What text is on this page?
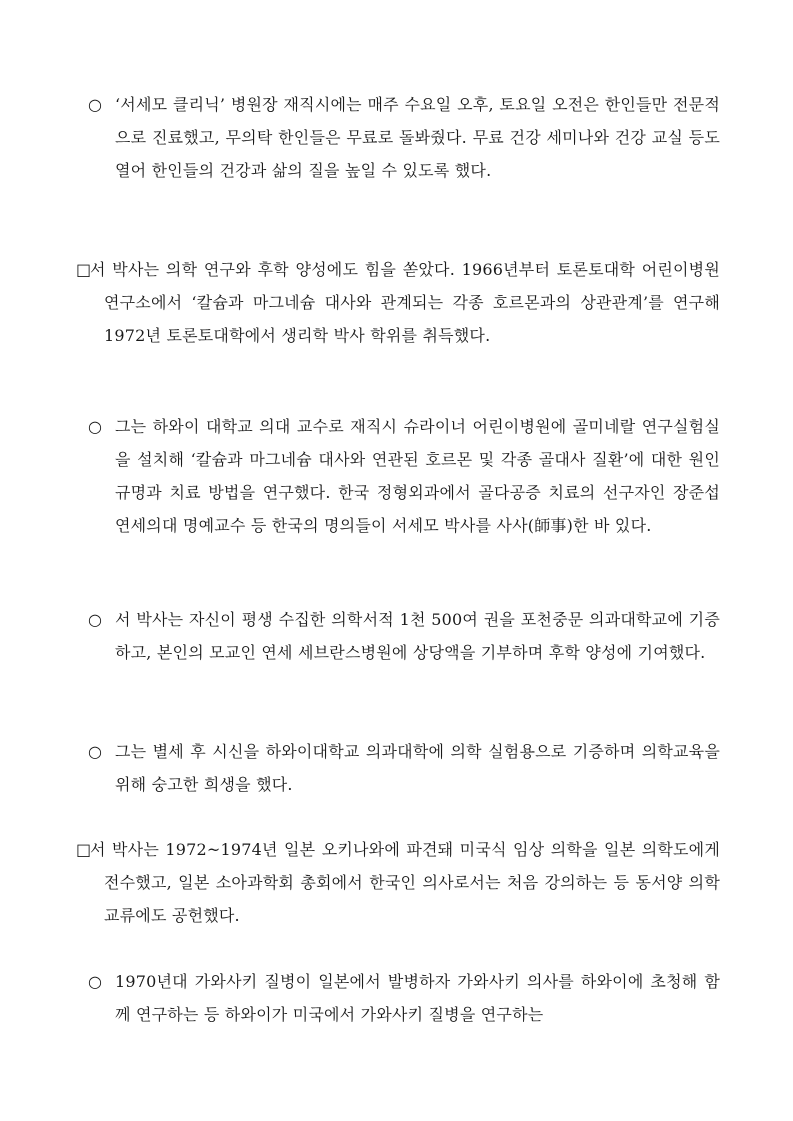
○ ‘서세모 클리닉’ 병원장 재직시에는 매주 수요일 오후, 토요일 오전은 한인들만 전문적으로 진료했고, 무의탁 한인들은 무료로 돌봐줬다. 무료 건강 세미나와 건강 교실 등도 열어 한인들의 건강과 삶의 질을 높일 수 있도록 했다.
□
서 박사는 의학 연구와 후학 양성에도 힘을 쏟았다. 1966년부터 토론토대학 어린이병원연구소에서 ‘칼슘과 마그네슘 대사와 관계되는 각종 호르몬과의 상관관계’를 연구해 1972년 토론토대학에서 생리학 박사 학위를 취득했다.
○ 그는 하와이 대학교 의대 교수로 재직시 슈라이너 어린이병원에 골미네랄 연구실험실을 설치해 ‘칼슘과 마그네슘 대사와 연관된 호르몬 및 각종 골대사 질환’에 대한 원인 규명과 치료 방법을 연구했다. 한국 정형외과에서 골다공증 치료의 선구자인 장준섭 연세의대 명예교수 등 한국의 명의들이 서세모 박사를 사사(師事)한 바 있다.
○ 서 박사는 자신이 평생 수집한 의학서적 1천 500여 권을 포천중문 의과대학교에 기증하고, 본인의 모교인 연세 세브란스병원에 상당액을 기부하며 후학 양성에 기여했다.
○ 그는 별세 후 시신을 하와이대학교 의과대학에 의학 실험용으로 기증하며 의학교육을 위해 숭고한 희생을 했다.
□
서 박사는 1972~1974년 일본 오키나와에 파견돼 미국식 임상 의학을 일본 의학도에게 전수했고, 일본 소아과학회 총회에서 한국인 의사로서는 처음 강의하는 등 동서양 의학 교류에도 공헌했다.
○ 1970년대 가와사키 질병이 일본에서 발병하자 가와사키 의사를 하와이에 초청해 함께 연구하는 등 하와이가 미국에서 가와사키 질병을 연구하는
